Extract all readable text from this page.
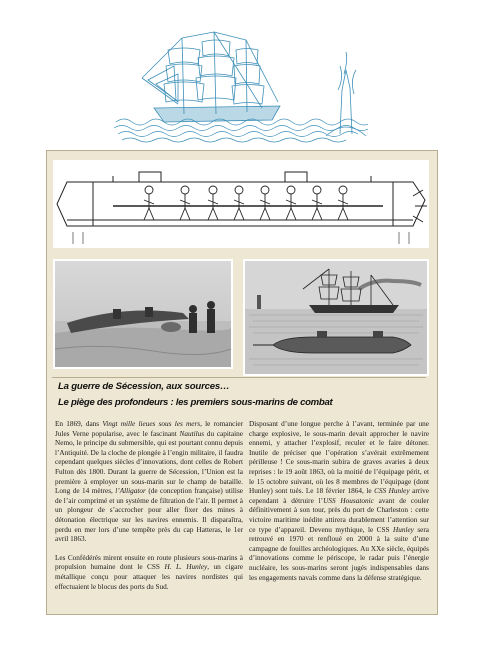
La guerre de Sécession, aux sources…
Le piège des profondeurs : les premiers sous-marins de combat

En 1869, dans Vingt mille lieues sous les mers, le romancier Jules Verne popularise, avec le fascinant Nautilus du capitaine Nemo, le principe du submersible, qui est pourtant connu depuis l’Antiquité. De la cloche de plongée à l’engin militaire, il faudra cependant quelques siècles d’innovations, dont celles de Robert Fulton dès 1800. Durant la guerre de Sécession, l’Union est la première à employer un sous-marin sur le champ de bataille. Long de 14 mètres, l’Alligator (de conception française) utilise de l’air comprimé et un système de filtration de l’air. Il permet à un plongeur de s’accrocher pour aller fixer des mines à détonation électrique sur les navires ennemis. Il disparaîtra, perdu en mer lors d’une tempête près du cap Hatteras, le 1er avril 1863.

Les Confédérés mirent ensuite en route plusieurs sous-marins à propulsion humaine dont le CSS H. L. Hunley, un cigare métallique conçu pour attaquer les navires nordistes qui effectuaient le blocus des ports du Sud.

Disposant d’une longue perche à l’avant, terminée par une charge explosive, le sous-marin devait approcher le navire ennemi, y attacher l’explosif, reculer et le faire détoner. Inutile de préciser que l’opération s’avérait extrêmement périlleuse ! Ce sous-marin subira de graves avaries à deux reprises : le 19 août 1863, où la moitié de l’équipage périt, et le 15 octobre suivant, où les 8 membres de l’équipage (dont Hunley) sont tués. Le 18 février 1864, le CSS Hunley arrive cependant à détruire l’USS Housatonic avant de couler définitivement à son tour, près du port de Charleston : cette victoire maritime inédite attirera durablement l’attention sur ce type d’appareil. Devenu mythique, le CSS Hunley sera retrouvé en 1970 et renfloué en 2000 à la suite d’une campagne de fouilles archéologiques. Au XXe siècle, équipés d’innovations comme le périscope, le radar puis l’énergie nucléaire, les sous-marins seront jugés indispensables dans les engagements navals comme dans la défense stratégique.
